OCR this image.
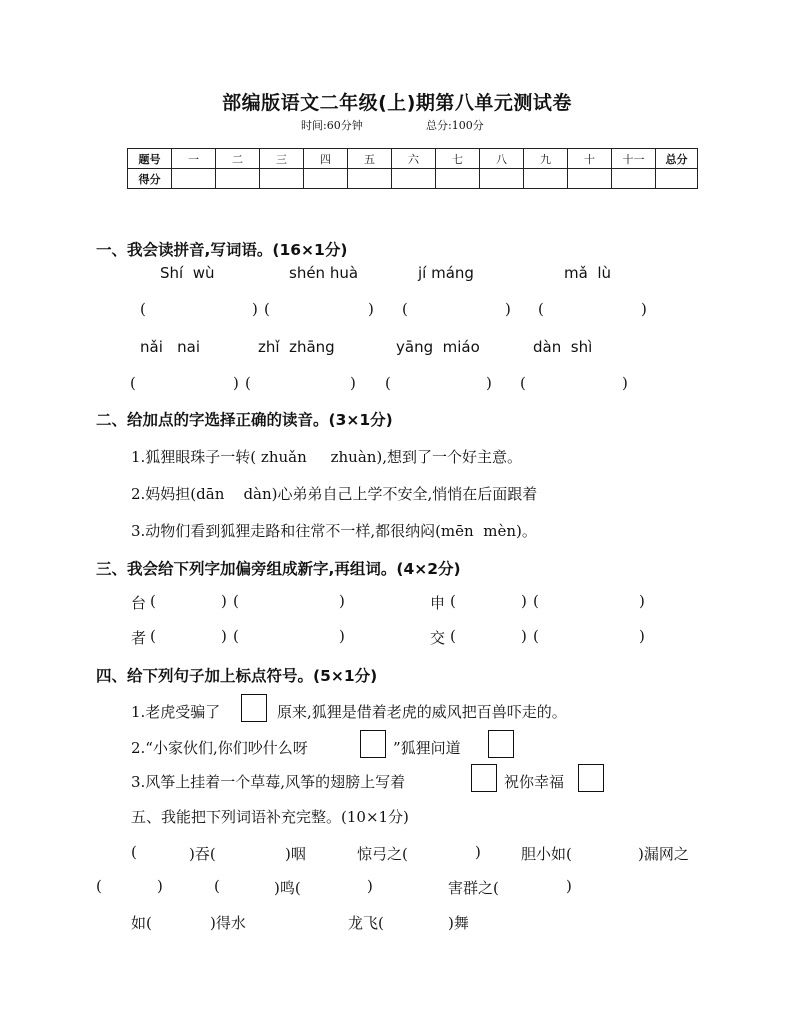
部编版语文二年级(上)期第八单元测试卷
时间:60分钟	总分:100分
题号	一	二	三	四	五	六	七	八	九	十	十一	总分
得分												
一、我会读拼音,写词语。(16×1分)
Shí  wù	shén huà	jí máng	mǎ  lù
(	) (	) (	) (	)
nǎi   nai	zhǐ  zhāng	yāng  miáo	dàn  shì
(	) (	) (	) (	)
二、给加点的字选择正确的读音。(3×1分)
1.狐狸眼珠子一转( zhuǎn     zhuàn),想到了一个好主意。
2.妈妈担(dān    dàn)心弟弟自己上学不安全,悄悄在后面跟着
3.动物们看到狐狸走路和往常不一样,都很纳闷(mēn  mèn)。
三、我会给下列字加偏旁组成新字,再组词。(4×2分)
台 (	) (	)	申 (	) (	)
者 (	) (	)	交 (	) (	)
四、给下列句子加上标点符号。(5×1分)
1.老虎受骗了	原来,狐狸是借着老虎的威风把百兽吓走的。
2.“小家伙们,你们吵什么呀	”狐狸问道
3.风筝上挂着一个草莓,风筝的翅膀上写着	祝你幸福
五、我能把下列词语补充完整。(10×1分)
(	)吞(	)咽	惊弓之(	)	胆小如(	)漏网之
(	)	(	)鸣(	)	害群之(	)
如(	)得水	龙飞(	)舞
